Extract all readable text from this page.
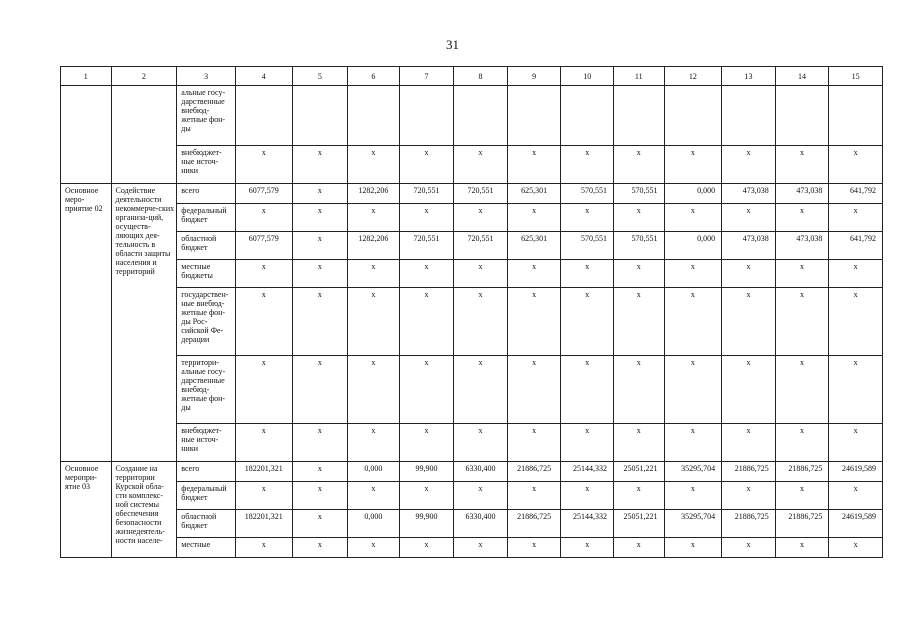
31
1	2	3	4	5	6	7	8	9	10	11	12	13	14	15
		альные госу-дарственные внебюд-жетные фон-ды												
		внебюджет-ные источ-ники	х	х	х	х	х	х	х	х	х	х	х	х
Основное меро-приятие 02	Содействие деятельности некоммерче-ских организа-ций, осуществ-ляющих дея-тельность в области защиты населения и территорий	всего	6077,579	х	1282,206	720,551	720,551	625,301	570,551	570,551	0,000	473,038	473,038	641,792
		федеральный бюджет	х	х	х	х	х	х	х	х	х	х	х	х
		областной бюджет	6077,579	х	1282,206	720,551	720,551	625,301	570,551	570,551	0,000	473,038	473,038	641,792
		местные бюджеты	х	х	х	х	х	х	х	х	х	х	х	х
		государствен-ные внебюд-жетные фон-ды Рос-сийской Фе-дерации	х	х	х	х	х	х	х	х	х	х	х	х
		территори-альные госу-дарственные внебюд-жетные фон-ды	х	х	х	х	х	х	х	х	х	х	х	х
		внебюджет-ные источ-ники	х	х	х	х	х	х	х	х	х	х	х	х
Основное меропри-ятие 03	Создание на территории Курской обла-сти комплекс-ной системы обеспечения безопасности жизнедеятель-ности населе-	всего	182201,321	х	0,000	99,900	6330,400	21886,725	25144,332	25051,221	35295,704	21886,725	21886,725	24619,589
		федеральный бюджет	х	х	х	х	х	х	х	х	х	х	х	х
		областной бюджет	182201,321	х	0,000	99,900	6330,400	21886,725	25144,332	25051,221	35295,704	21886,725	21886,725	24619,589
		местные	х	х	х	х	х	х	х	х	х	х	х	х
